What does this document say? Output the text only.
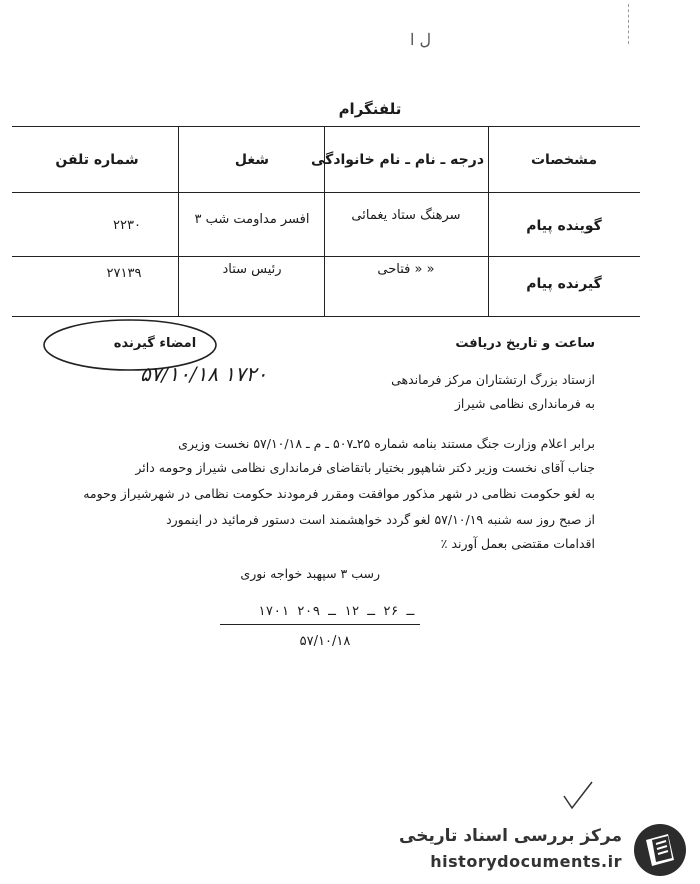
ل ا
تلفنگرام
مشخصات
درجه ـ نام ـ نام خانوادگی
شغل
شماره تلفن
گوینده پیام
سرهنگ ستاد یغمائی
افسر مداومت شب ۳
۲۲۳۰
گیرنده پیام
« « فتاحی
رئیس ستاد
۲۷۱۳۹
ساعت و تاریخ دریافت
امضاء گیرنده
۵۷/۱۰/۱۸ ۱۷۲۰	ازستاد بزرگ ارتشتاران مرکز فرماندهی
به فرمانداری نظامی شیراز
برابر اعلام وزارت جنگ مستند بنامه شماره ۲۵ـ۵۰۷ ـ م ـ ۵۷/۱۰/۱۸ نخست وزیری
جناب آقای نخست وزیر دکتر شاهپور بختیار باتقاضای فرمانداری نظامی شیراز وحومه دائر
به لغو حکومت نظامی در شهر مذکور موافقت ومقرر فرمودند حکومت نظامی در شهرشیراز وحومه
از صبح روز سه شنبه ۵۷/۱۰/۱۹ لغو گردد خواهشمند است دستور فرمائید در اینمورد
اقدامات مقتضی بعمل آورند ٪
رسب ۳ سپهبد خواجه نوری
۱۷۰۱ ـ ۲۶ ـ ۱۲ ـ ۲۰۹
۵۷/۱۰/۱۸
مرکز بررسی اسناد تاریخی
historydocuments.ir
